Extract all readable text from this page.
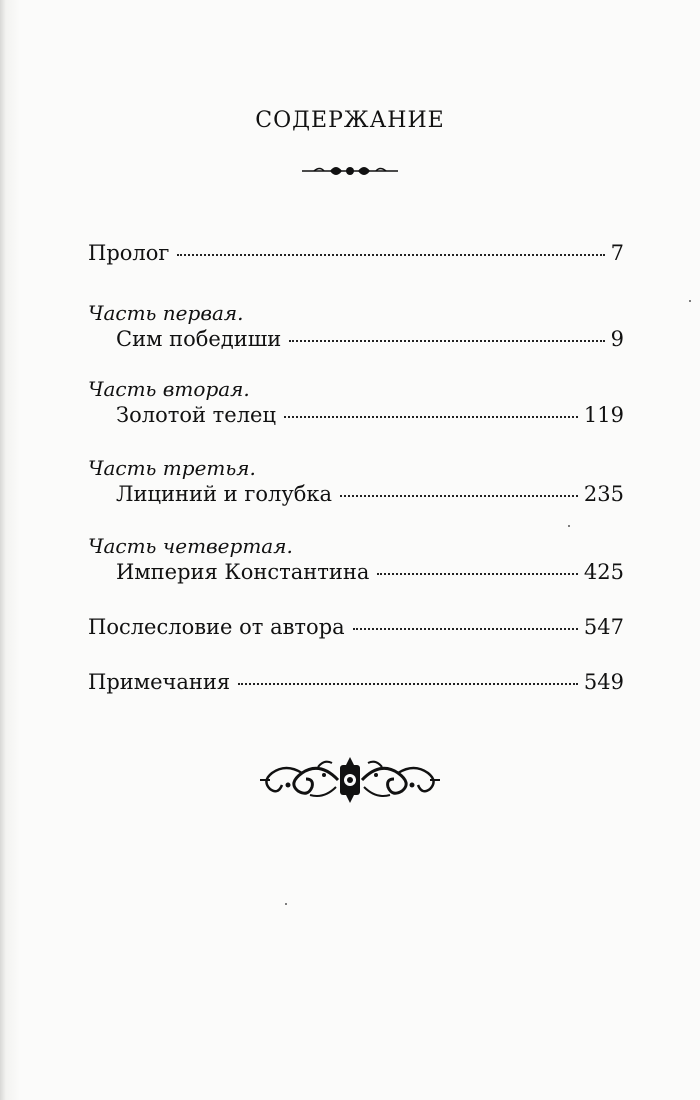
СОДЕРЖАНИЕ
Пролог	7
Часть первая.
Сим победиши	9
Часть вторая.
Золотой телец	119
Часть третья.
Лициний и голубка	235
Часть четвертая.
Империя Константина	425
Послесловие от автора	547
Примечания	549
